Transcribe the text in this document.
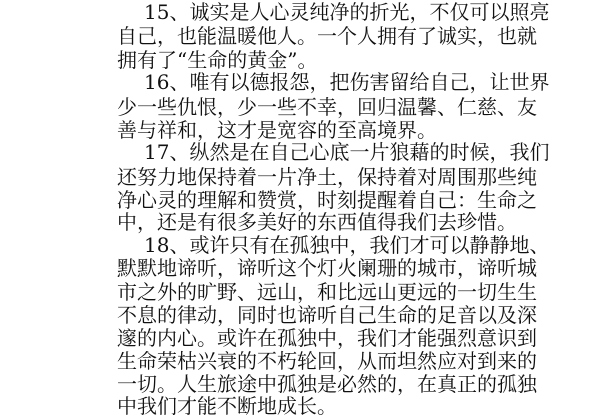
15、诚实是人心灵纯净的折光，不仅可以照亮
自己，也能温暖他人。一个人拥有了诚实，也就
拥有了“生命的黄金”。
16、唯有以德报怨，把伤害留给自己，让世界
少一些仇恨，少一些不幸，回归温馨、仁慈、友
善与祥和，这才是宽容的至高境界。
17、纵然是在自己心底一片狼藉的时候，我们
还努力地保持着一片净土，保持着对周围那些纯
净心灵的理解和赞赏，时刻提醒着自己：生命之
中，还是有很多美好的东西值得我们去珍惜。
18、或许只有在孤独中，我们才可以静静地、
默默地谛听，谛听这个灯火阑珊的城市，谛听城
市之外的旷野、远山，和比远山更远的一切生生
不息的律动，同时也谛听自己生命的足音以及深
邃的内心。或许在孤独中，我们才能强烈意识到
生命荣枯兴衰的不朽轮回，从而坦然应对到来的
一切。人生旅途中孤独是必然的，在真正的孤独
中我们才能不断地成长。
